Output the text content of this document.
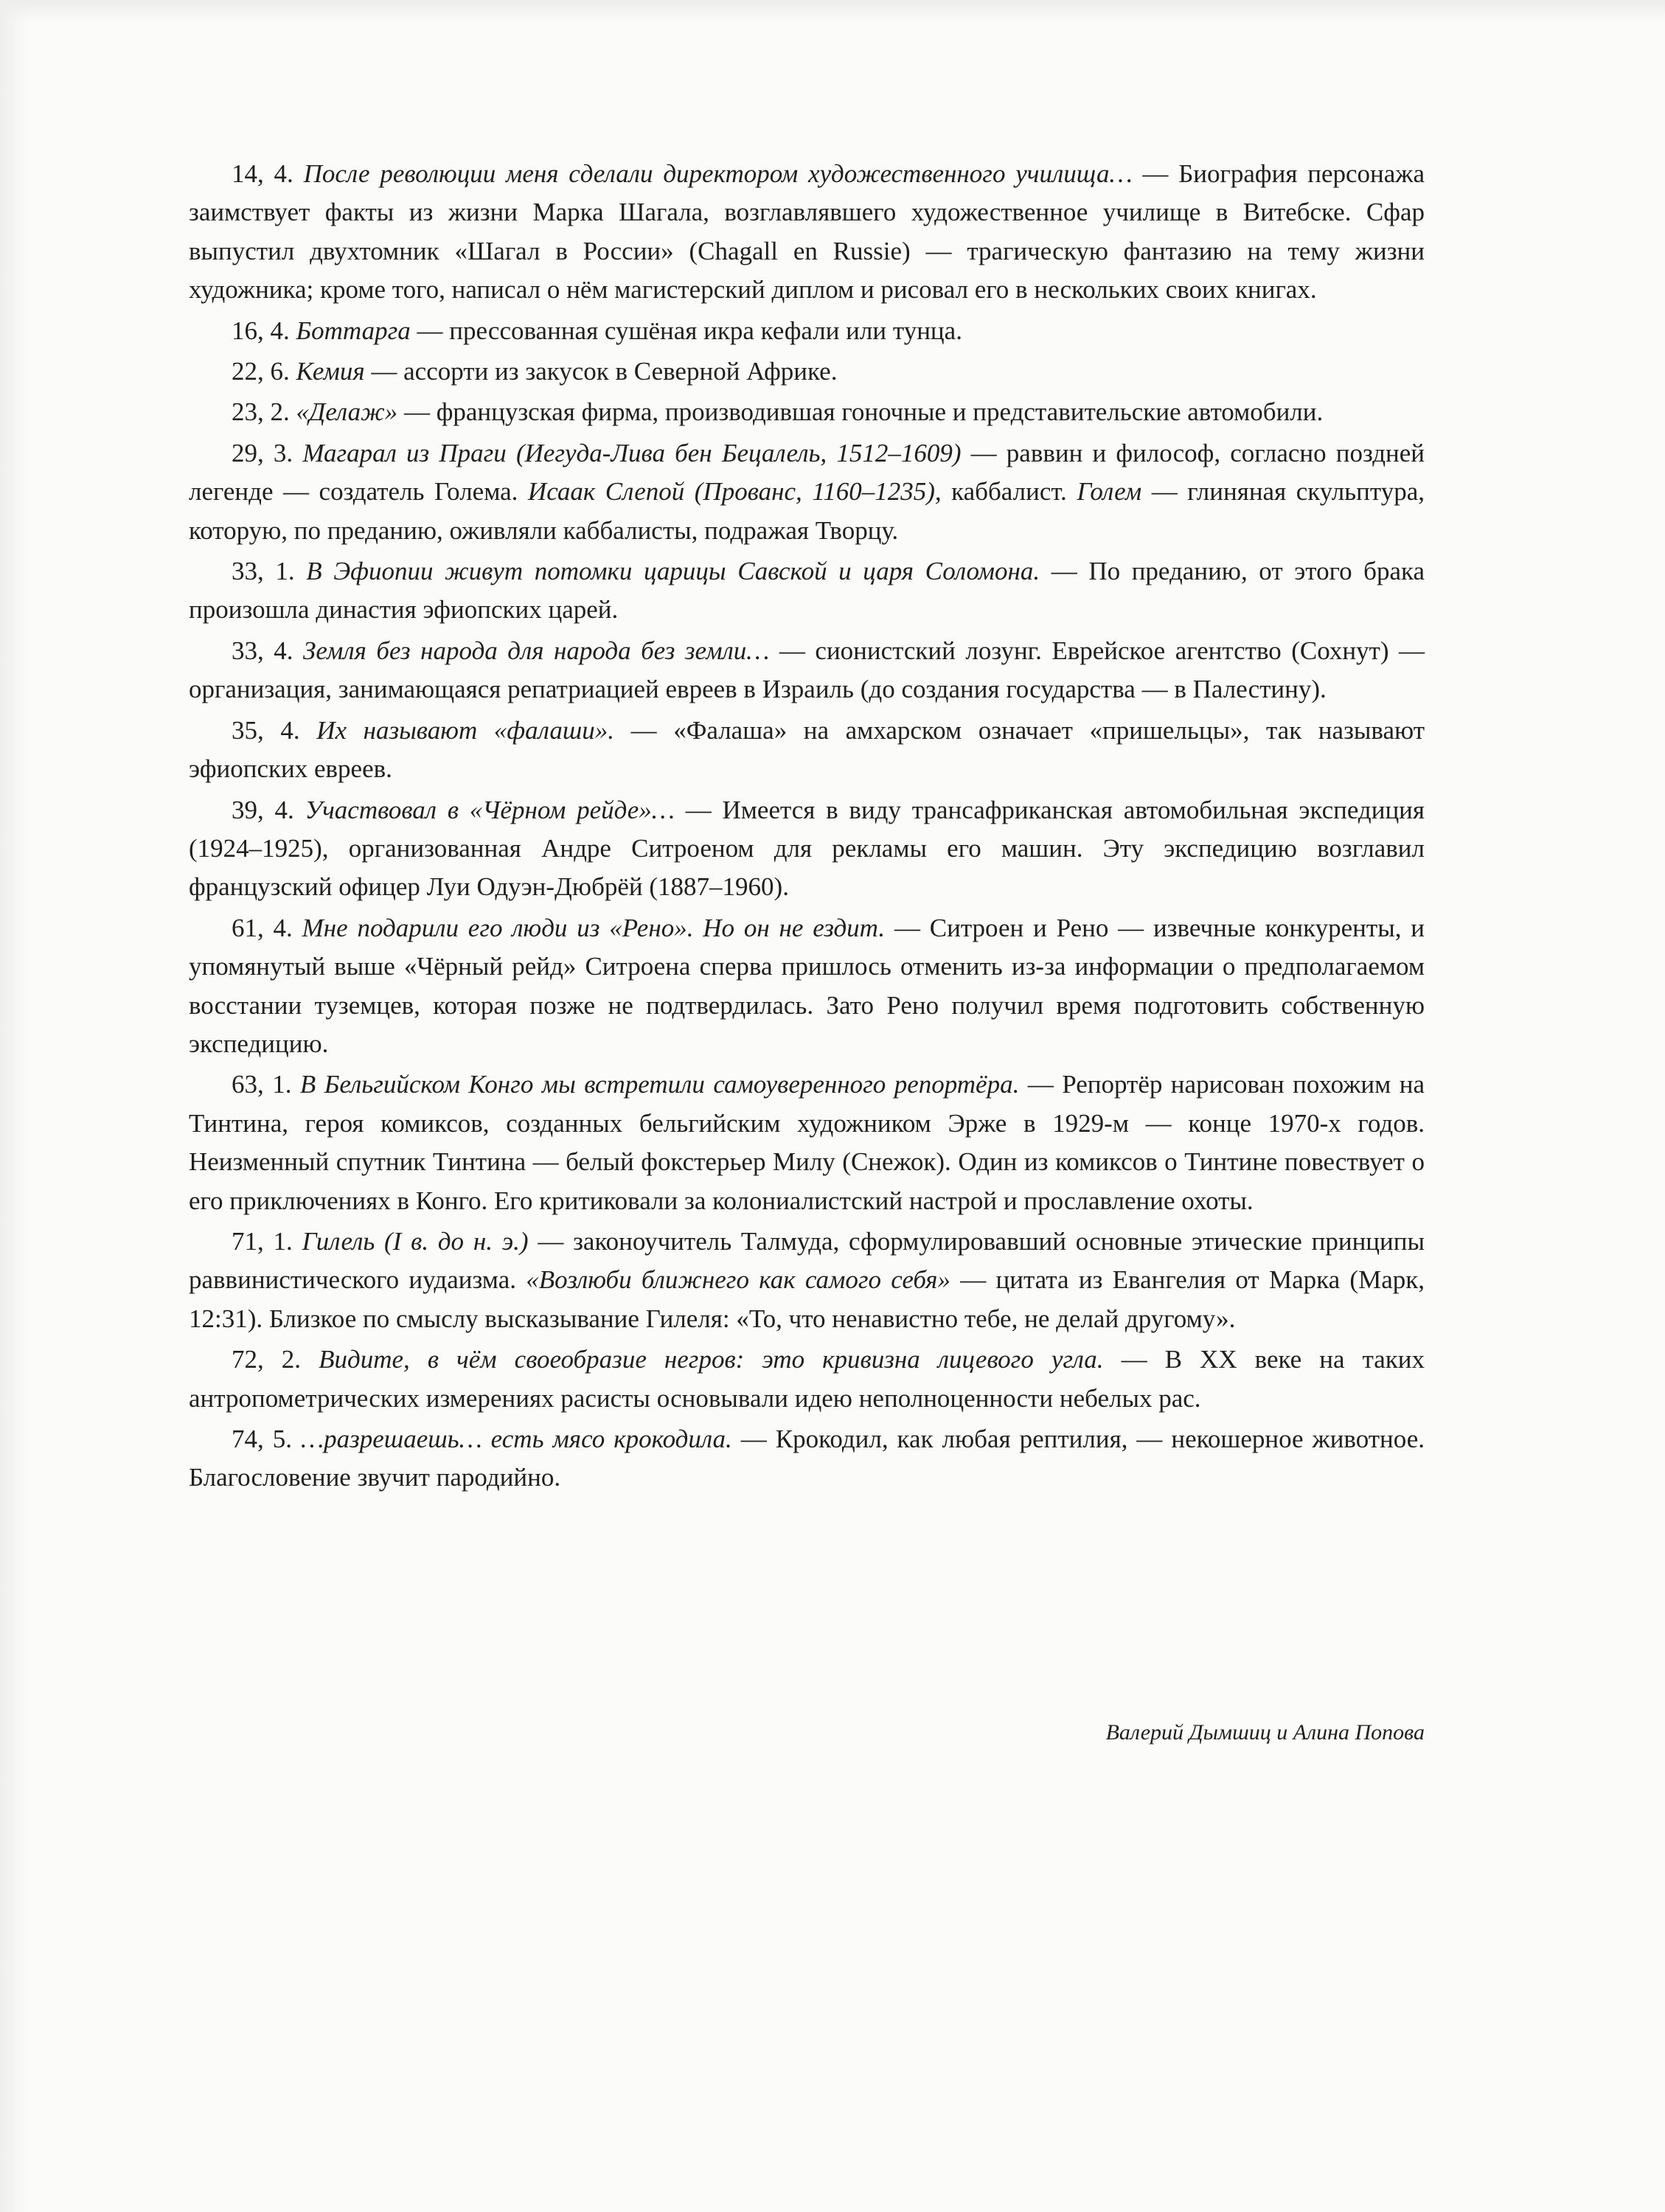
14, 4. После революции меня сделали директором художественного училища… — Биография персонажа заимствует факты из жизни Марка Шагала, возглавлявшего художественное училище в Витебске. Сфар выпустил двухтомник «Шагал в России» (Chagall en Russie) — трагическую фантазию на тему жизни художника; кроме того, написал о нём магистерский диплом и рисовал его в нескольких своих книгах.

16, 4. Боттарга — прессованная сушёная икра кефали или тунца.

22, 6. Кемия — ассорти из закусок в Северной Африке.

23, 2. «Делаж» — французская фирма, производившая гоночные и представительские автомобили.

29, 3. Магарал из Праги (Иегуда-Лива бен Бецалель, 1512–1609) — раввин и философ, согласно поздней легенде — создатель Голема. Исаак Слепой (Прованс, 1160–1235), каббалист. Голем — глиняная скульптура, которую, по преданию, оживляли каббалисты, подражая Творцу.

33, 1. В Эфиопии живут потомки царицы Савской и царя Соломона. — По преданию, от этого брака произошла династия эфиопских царей.

33, 4. Земля без народа для народа без земли… — сионистский лозунг. Еврейское агентство (Сохнут) — организация, занимающаяся репатриацией евреев в Израиль (до создания государства — в Палестину).

35, 4. Их называют «фалаши». — «Фалаша» на амхарском означает «пришельцы», так называют эфиопских евреев.

39, 4. Участвовал в «Чёрном рейде»… — Имеется в виду трансафриканская автомобильная экспедиция (1924–1925), организованная Андре Ситроеном для рекламы его машин. Эту экспедицию возглавил французский офицер Луи Одуэн-Дюбрёй (1887–1960).

61, 4. Мне подарили его люди из «Рено». Но он не ездит. — Ситроен и Рено — извечные конкуренты, и упомянутый выше «Чёрный рейд» Ситроена сперва пришлось отменить из-за информации о предполагаемом восстании туземцев, которая позже не подтвердилась. Зато Рено получил время подготовить собственную экспедицию.

63, 1. В Бельгийском Конго мы встретили самоуверенного репортёра. — Репортёр нарисован похожим на Тинтина, героя комиксов, созданных бельгийским художником Эрже в 1929-м — конце 1970-х годов. Неизменный спутник Тинтина — белый фокстерьер Милу (Снежок). Один из комиксов о Тинтине повествует о его приключениях в Конго. Его критиковали за колониалистский настрой и прославление охоты.

71, 1. Гилель (I в. до н. э.) — законоучитель Талмуда, сформулировавший основные этические принципы раввинистического иудаизма. «Возлюби ближнего как самого себя» — цитата из Евангелия от Марка (Марк, 12:31). Близкое по смыслу высказывание Гилеля: «То, что ненавистно тебе, не делай другому».

72, 2. Видите, в чём своеобразие негров: это кривизна лицевого угла. — В XX веке на таких антропометрических измерениях расисты основывали идею неполноценности небелых рас.

74, 5. …разрешаешь… есть мясо крокодила. — Крокодил, как любая рептилия, — некошерное животное. Благословение звучит пародийно.

Валерий Дымшиц и Алина Попова
